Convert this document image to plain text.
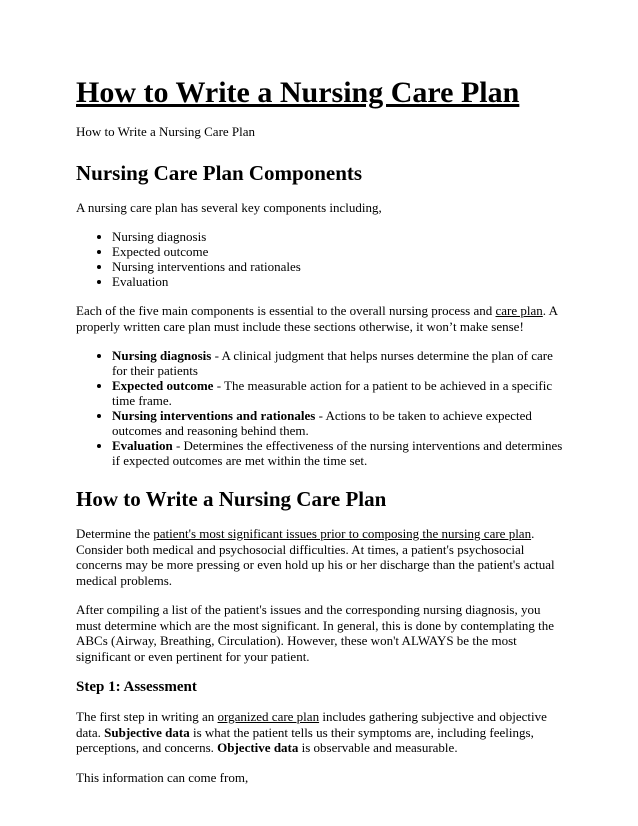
How to Write a Nursing Care Plan

How to Write a Nursing Care Plan

Nursing Care Plan Components

A nursing care plan has several key components including,

• Nursing diagnosis
• Expected outcome
• Nursing interventions and rationales
• Evaluation

Each of the five main components is essential to the overall nursing process and care plan. A properly written care plan must include these sections otherwise, it won’t make sense!

• Nursing diagnosis - A clinical judgment that helps nurses determine the plan of care for their patients
• Expected outcome - The measurable action for a patient to be achieved in a specific time frame.
• Nursing interventions and rationales - Actions to be taken to achieve expected outcomes and reasoning behind them.
• Evaluation - Determines the effectiveness of the nursing interventions and determines if expected outcomes are met within the time set.
How to Write a Nursing Care Plan

Determine the patient's most significant issues prior to composing the nursing care plan. Consider both medical and psychosocial difficulties. At times, a patient's psychosocial concerns may be more pressing or even hold up his or her discharge than the patient's actual medical problems.

After compiling a list of the patient's issues and the corresponding nursing diagnosis, you must determine which are the most significant. In general, this is done by contemplating the ABCs (Airway, Breathing, Circulation). However, these won't ALWAYS be the most significant or even pertinent for your patient.

Step 1: Assessment

The first step in writing an organized care plan includes gathering subjective and objective data. Subjective data is what the patient tells us their symptoms are, including feelings, perceptions, and concerns. Objective data is observable and measurable.

This information can come from,
